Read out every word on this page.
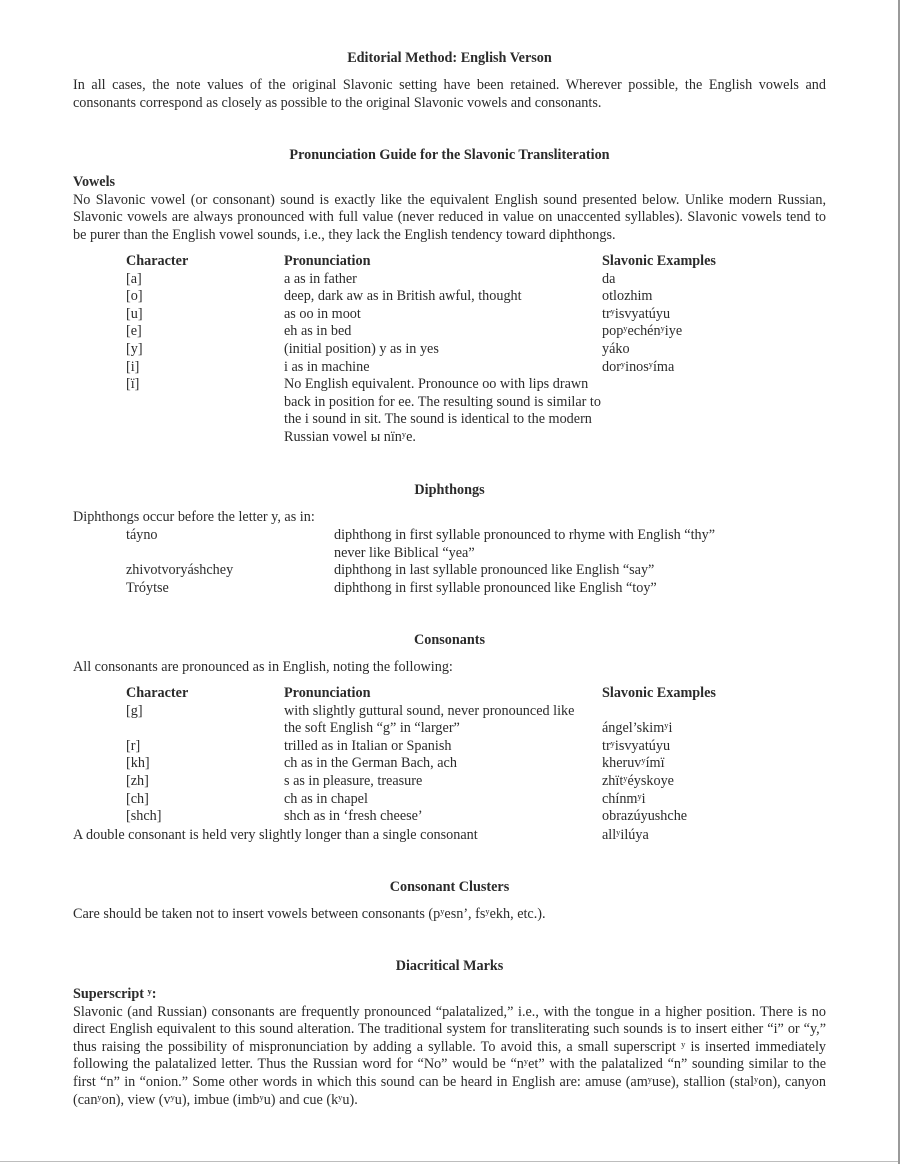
Editorial Method: English Verson

In all cases, the note values of the original Slavonic setting have been retained. Wherever possible, the English vowels and consonants correspond as closely as possible to the original Slavonic vowels and consonants.

Pronunciation Guide for the Slavonic Transliteration
Vowels

No Slavonic vowel (or consonant) sound is exactly like the equivalent English sound presented below. Unlike modern Russian, Slavonic vowels are always pronounced with full value (never reduced in value on unaccented syllables). Slavonic vowels tend to be purer than the English vowel sounds, i.e., they lack the English tendency toward diphthongs.

Character	Pronunciation	Slavonic Examples
[a]	a as in father	da
[o]	deep, dark aw as in British awful, thought	otlozhim
[u]	as oo in moot	trʸisvyatúyu
[e]	eh as in bed	popʸechénʸiye
[y]	(initial position) y as in yes	yáko
[i]	i as in machine	dorʸinosʸíma
[ï]	No English equivalent. Pronounce oo with lips drawn back in position for ee. The resulting sound is similar to the i sound in sit. The sound is identical to the modern Russian vowel ы nïnʸe.	
Diphthongs
Diphthongs occur before the letter y, as in:
táyno	diphthong in first syllable pronounced to rhyme with English “thy” never like Biblical “yea”
zhivotvoryáshchey	diphthong in last syllable pronounced like English “say”
Tróytse	diphthong in first syllable pronounced like English “toy”
Consonants
All consonants are pronounced as in English, noting the following:
Character	Pronunciation	Slavonic Examples
[g]	with slightly guttural sound, never pronounced like the soft English “g” in “larger”	ángel’skimʸi
[r]	trilled as in Italian or Spanish	trʸisvyatúyu
[kh]	ch as in the German Bach, ach	kheruvʸímï
[zh]	s as in pleasure, treasure	zhïtʸéyskoye
[ch]	ch as in chapel	chínmʸi
[shch]	shch as in ‘fresh cheese’	obrazúyushche
A double consonant is held very slightly longer than a single consonant	allʸilúya
Consonant Clusters

Care should be taken not to insert vowels between consonants (pʸesn’, fsʸekh, etc.).

Diacritical Marks
Superscript ʸ:

Slavonic (and Russian) consonants are frequently pronounced “palatalized,” i.e., with the tongue in a higher position. There is no direct English equivalent to this sound alteration. The traditional system for transliterating such sounds is to insert either “i” or “y,” thus raising the possibility of mispronunciation by adding a syllable. To avoid this, a small superscript ʸ is inserted immediately following the palatalized letter. Thus the Russian word for “No” would be “nʸet” with the palatalized “n” sounding similar to the first “n” in “onion.” Some other words in which this sound can be heard in English are: amuse (amʸuse), stallion (stalʸon), canyon (canʸon), view (vʸu), imbue (imbʸu) and cue (kʸu).
